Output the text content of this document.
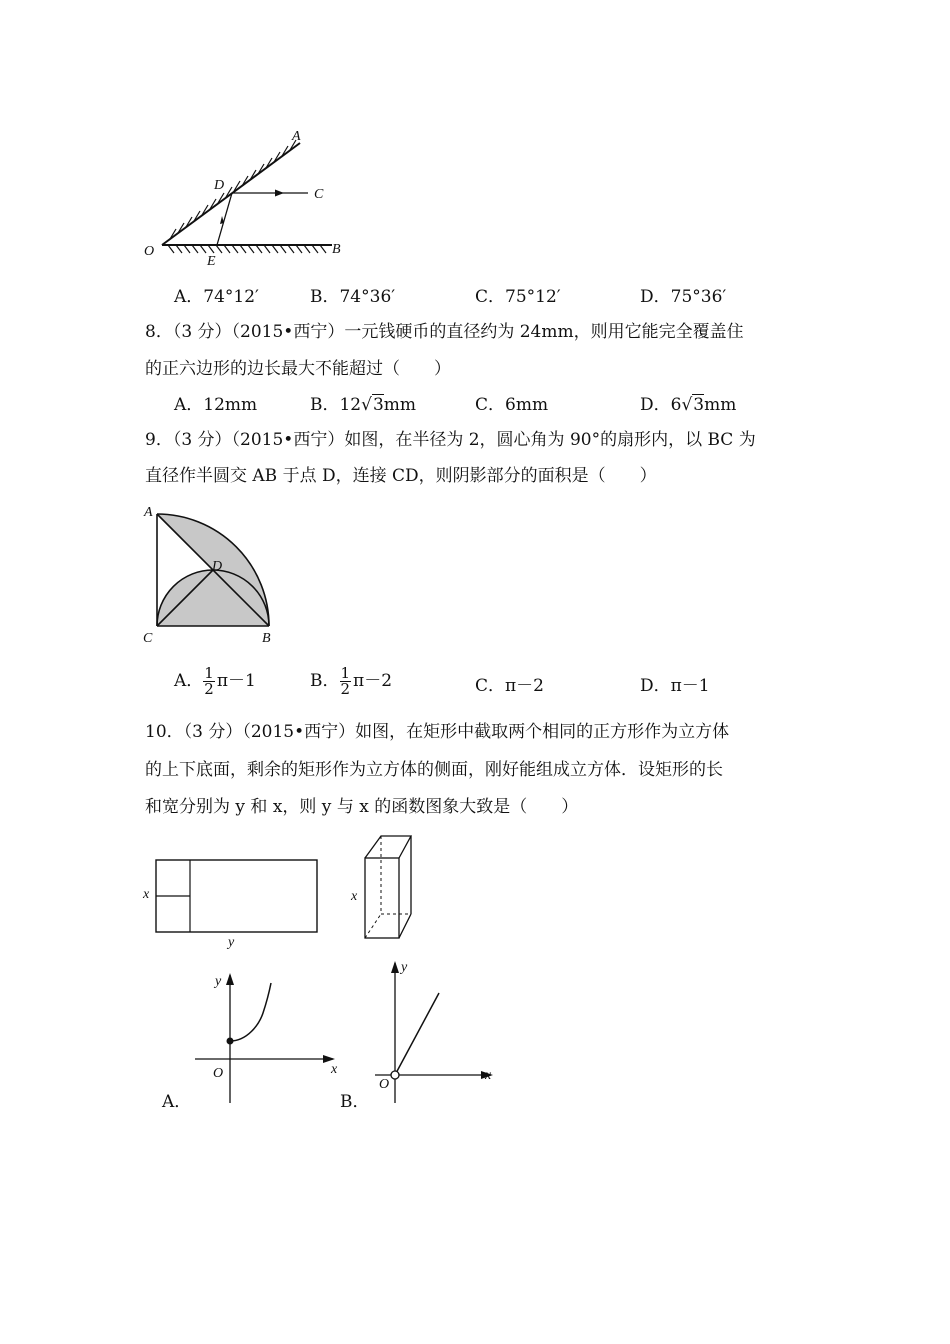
A
D
C
O
E
B
A．74°12′	B．74°36′	C．75°12′	D．75°36′
8．（3 分）（2015•西宁）一元钱硬币的直径约为 24mm，则用它能完全覆盖住
的正六边形的边长最大不能超过（　　）
A．12mm	B．12√3mm	C．6mm	D．6√3mm
9．（3 分）（2015•西宁）如图，在半径为 2，圆心角为 90°的扇形内，以 BC 为
直径作半圆交 AB 于点 D，连接 CD，则阴影部分的面积是（　　）
A
D
C	B
A． $\frac{1}{2} \pi-1$	B． $\frac{1}{2} \pi-2$	C．π－2	D．π－1
10．（3 分）（2015•西宁）如图，在矩形中截取两个相同的正方形作为立方体
的上下底面，剩余的矩形作为立方体的侧面，刚好能组成立方体．设矩形的长
和宽分别为 y 和 x，则 y 与 x 的函数图象大致是（　　）
x
y
x
y
x
O
A．
y
x
O
B．
